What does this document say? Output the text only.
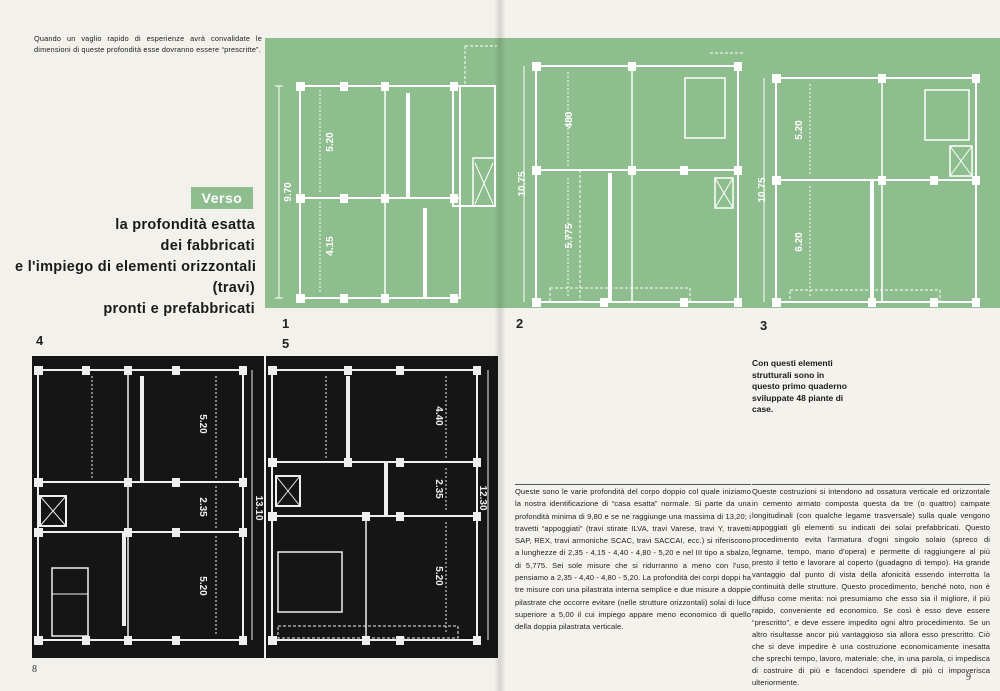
Quando un vaglio rapido di esperienze avrà convalidate le dimensioni di queste profondità esse dovranno essere “prescritte”.
9.70
5.20
4.15
10.75
480
5.775
10.75
5.20
6.20
Verso
la profondità esatta
dei fabbricati
e l'impiego di elementi orizzontali
(travi)
pronti e prefabbricati
1
5
4
2	3
13.10
5.20
2.35
5.20
12.30
4.40
2.35
5.20
Con questi elementi strutturali sono in questo primo quaderno sviluppate 48 piante di case.
Queste sono le varie profondità del corpo doppio col quale iniziamo la nostra identificazione di “casa esatta” normale. Si parte da una profondità minima di 9,80 e se ne raggiunge una massima di 13,20; i travetti “appoggiati” (travi stirate ILVA, travi Varese, travi Y, travetti SAP, REX, travi armoniche SCAC, travi SACCAI, ecc.) si riferiscono a lunghezze di 2,35 - 4,15 - 4,40 - 4,80 - 5,20 e nel III tipo a sbalzo, di 5,775. Sei sole misure che si ridurranno a meno con l'uso, pensiamo a 2,35 - 4,40 - 4,80 - 5,20. La profondità dei corpi doppi ha tre misure con una pilastrata interna semplice e due misure a doppie pilastrate che occorre evitare (nelle strutture orizzontali) solai di luce superiore a 5,00 il cui impiego appare meno economico di quello della doppia pilastrata verticale.
Queste costruzioni si intendono ad ossatura verticale ed orizzontale in cemento armato composta questa da tre (o quattro) campate longitudinali (con qualche legame trasversale) sulla quale vengono appoggiati gli elementi su indicati dei solai prefabbricati. Questo procedimento evita l'armatura d'ogni singolo solaio (spreco di legname, tempo, mano d'opera) e permette di raggiungere al più presto il tetto e lavorare al coperto (guadagno di tempo). Ha grande vantaggio dal punto di vista della afonicità essendo interrotta la continuità delle strutture. Questo procedimento, benché noto, non è diffuso come merita: noi presumiamo che esso sia il migliore, il più rapido, conveniente ed economico. Se così è esso deve essere “prescritto”, e deve essere impedito ogni altro procedimento. Se un altro risultasse ancor più vantaggioso sia allora esso prescritto. Ciò che si deve impedire è una costruzione economicamente inesatta che sprechi tempo, lavoro, materiale: che, in una parola, ci impedisca di costruire di più e facendoci spendere di più ci impoverisca ulteriormente.
8
9
